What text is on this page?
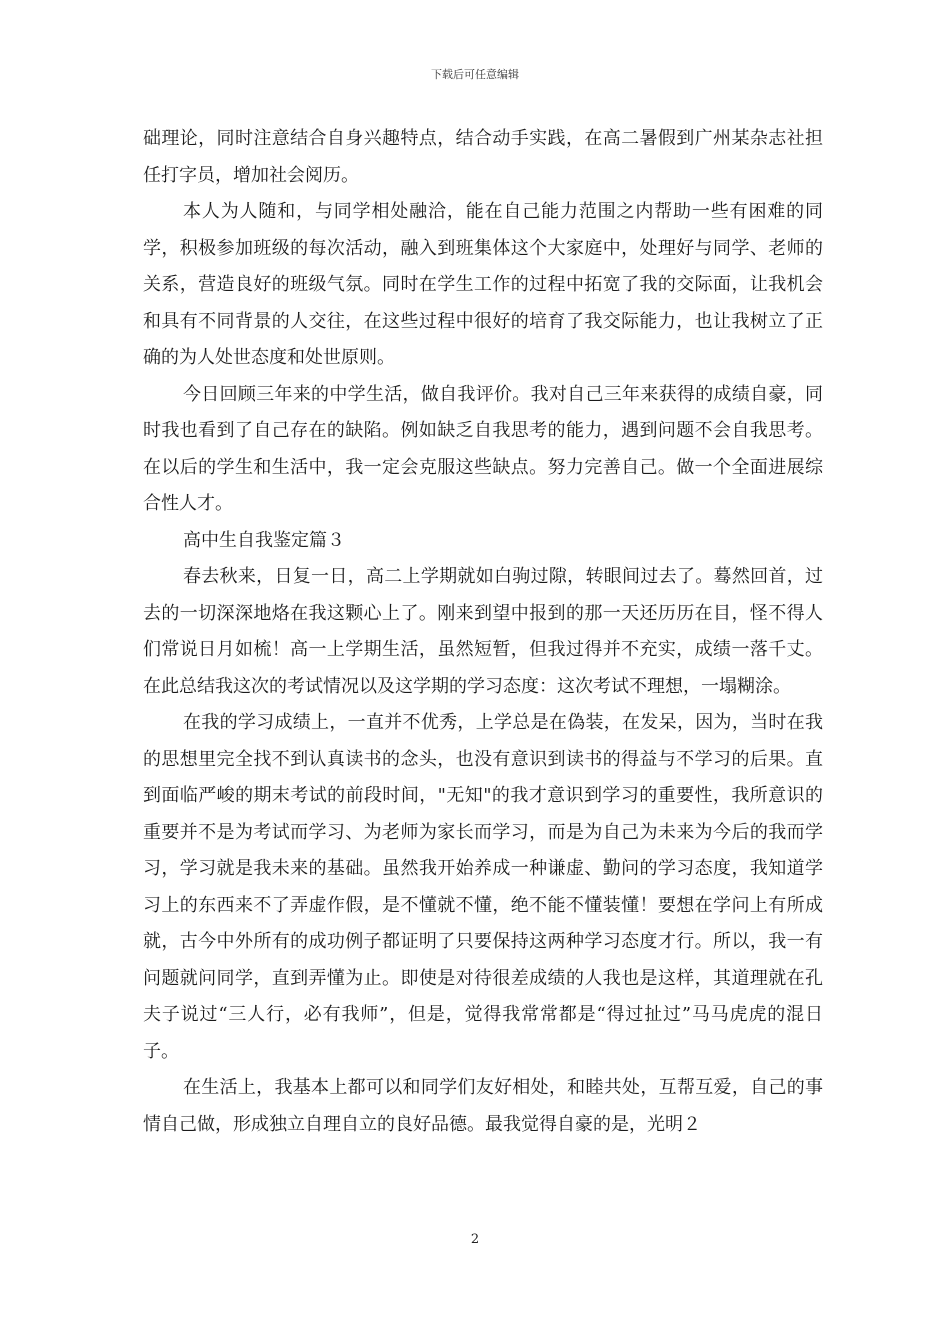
下载后可任意编辑

础理论，同时注意结合自身兴趣特点，结合动手实践，在高二暑假到广州某杂志社担任打字员，增加社会阅历。

本人为人随和，与同学相处融洽，能在自己能力范围之内帮助一些有困难的同学，积极参加班级的每次活动，融入到班集体这个大家庭中，处理好与同学、老师的关系，营造良好的班级气氛。同时在学生工作的过程中拓宽了我的交际面，让我机会和具有不同背景的人交往，在这些过程中很好的培育了我交际能力，也让我树立了正确的为人处世态度和处世原则。

今日回顾三年来的中学生活，做自我评价。我对自己三年来获得的成绩自豪，同时我也看到了自己存在的缺陷。例如缺乏自我思考的能力，遇到问题不会自我思考。在以后的学生和生活中，我一定会克服这些缺点。努力完善自己。做一个全面进展综合性人才。

高中生自我鉴定篇３

春去秋来，日复一日，高二上学期就如白驹过隙，转眼间过去了。蓦然回首，过去的一切深深地烙在我这颗心上了。刚来到望中报到的那一天还历历在目，怪不得人们常说日月如梳！高一上学期生活，虽然短暂，但我过得并不充实，成绩一落千丈。在此总结我这次的考试情况以及这学期的学习态度：这次考试不理想，一塌糊涂。

在我的学习成绩上，一直并不优秀，上学总是在偽装，在发呆，因为，当时在我的思想里完全找不到认真读书的念头，也没有意识到读书的得益与不学习的后果。直到面临严峻的期末考试的前段时间，"无知"的我才意识到学习的重要性，我所意识的重要并不是为考试而学习、为老师为家长而学习，而是为自己为未来为今后的我而学习，学习就是我未来的基础。虽然我开始养成一种谦虚、勤问的学习态度，我知道学习上的东西来不了弄虚作假，是不懂就不懂，绝不能不懂装懂！要想在学问上有所成就，古今中外所有的成功例子都证明了只要保持这两种学习态度才行。所以，我一有问题就问同学，直到弄懂为止。即使是对待很差成绩的人我也是这样，其道理就在孔夫子说过“三人行，必有我师”，但是，觉得我常常都是“得过扯过”马马虎虎的混日子。

在生活上，我基本上都可以和同学们友好相处，和睦共处，互帮互爱，自己的事情自己做，形成独立自理自立的良好品德。最我觉得自豪的是，光明２

2
